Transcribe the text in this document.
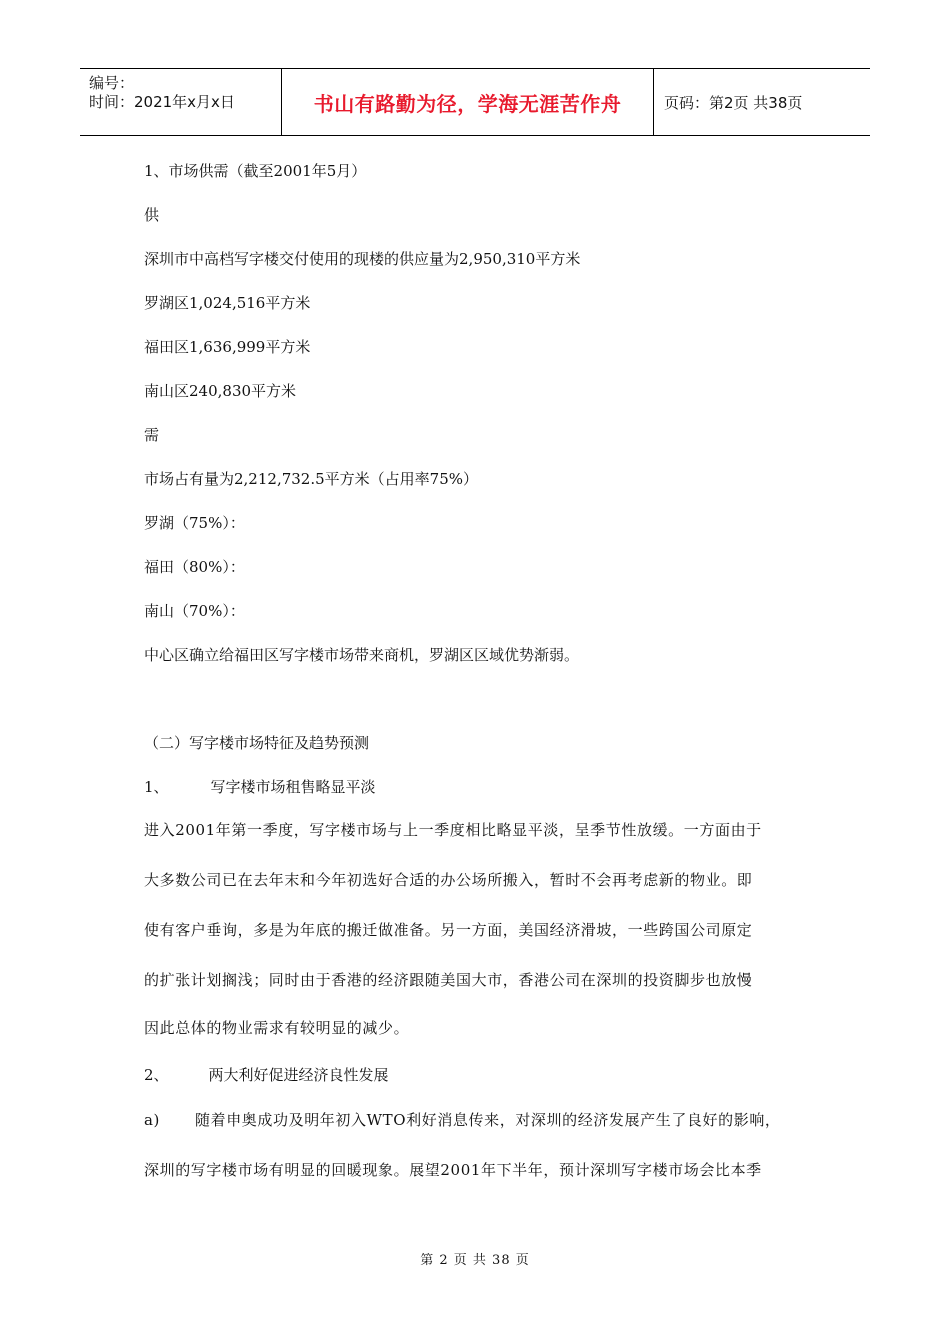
编号：
时间：2021年x月x日	书山有路勤为径，学海无涯苦作舟	页码：第2页 共38页
1、市场供需（截至2001年5月）
供
深圳市中高档写字楼交付使用的现楼的供应量为2,950,310平方米
罗湖区1,024,516平方米
福田区1,636,999平方米
南山区240,830平方米
需
市场占有量为2,212,732.5平方米（占用率75%）
罗湖（75%）：
福田（80%）：
南山（70%）：
中心区确立给福田区写字楼市场带来商机，罗湖区区域优势渐弱。
（二）写字楼市场特征及趋势预测
1、	写字楼市场租售略显平淡
进入2001年第一季度，写字楼市场与上一季度相比略显平淡，呈季节性放缓。一方面由于
大多数公司已在去年末和今年初选好合适的办公场所搬入，暂时不会再考虑新的物业。即
使有客户垂询，多是为年底的搬迁做准备。另一方面，美国经济滑坡，一些跨国公司原定
的扩张计划搁浅；同时由于香港的经济跟随美国大市，香港公司在深圳的投资脚步也放慢
因此总体的物业需求有较明显的减少。
2、	两大利好促进经济良性发展
a) 随着申奥成功及明年初入WTO利好消息传来，对深圳的经济发展产生了良好的影响，
深圳的写字楼市场有明显的回暖现象。展望2001年下半年，预计深圳写字楼市场会比本季
第 2 页 共 38 页
